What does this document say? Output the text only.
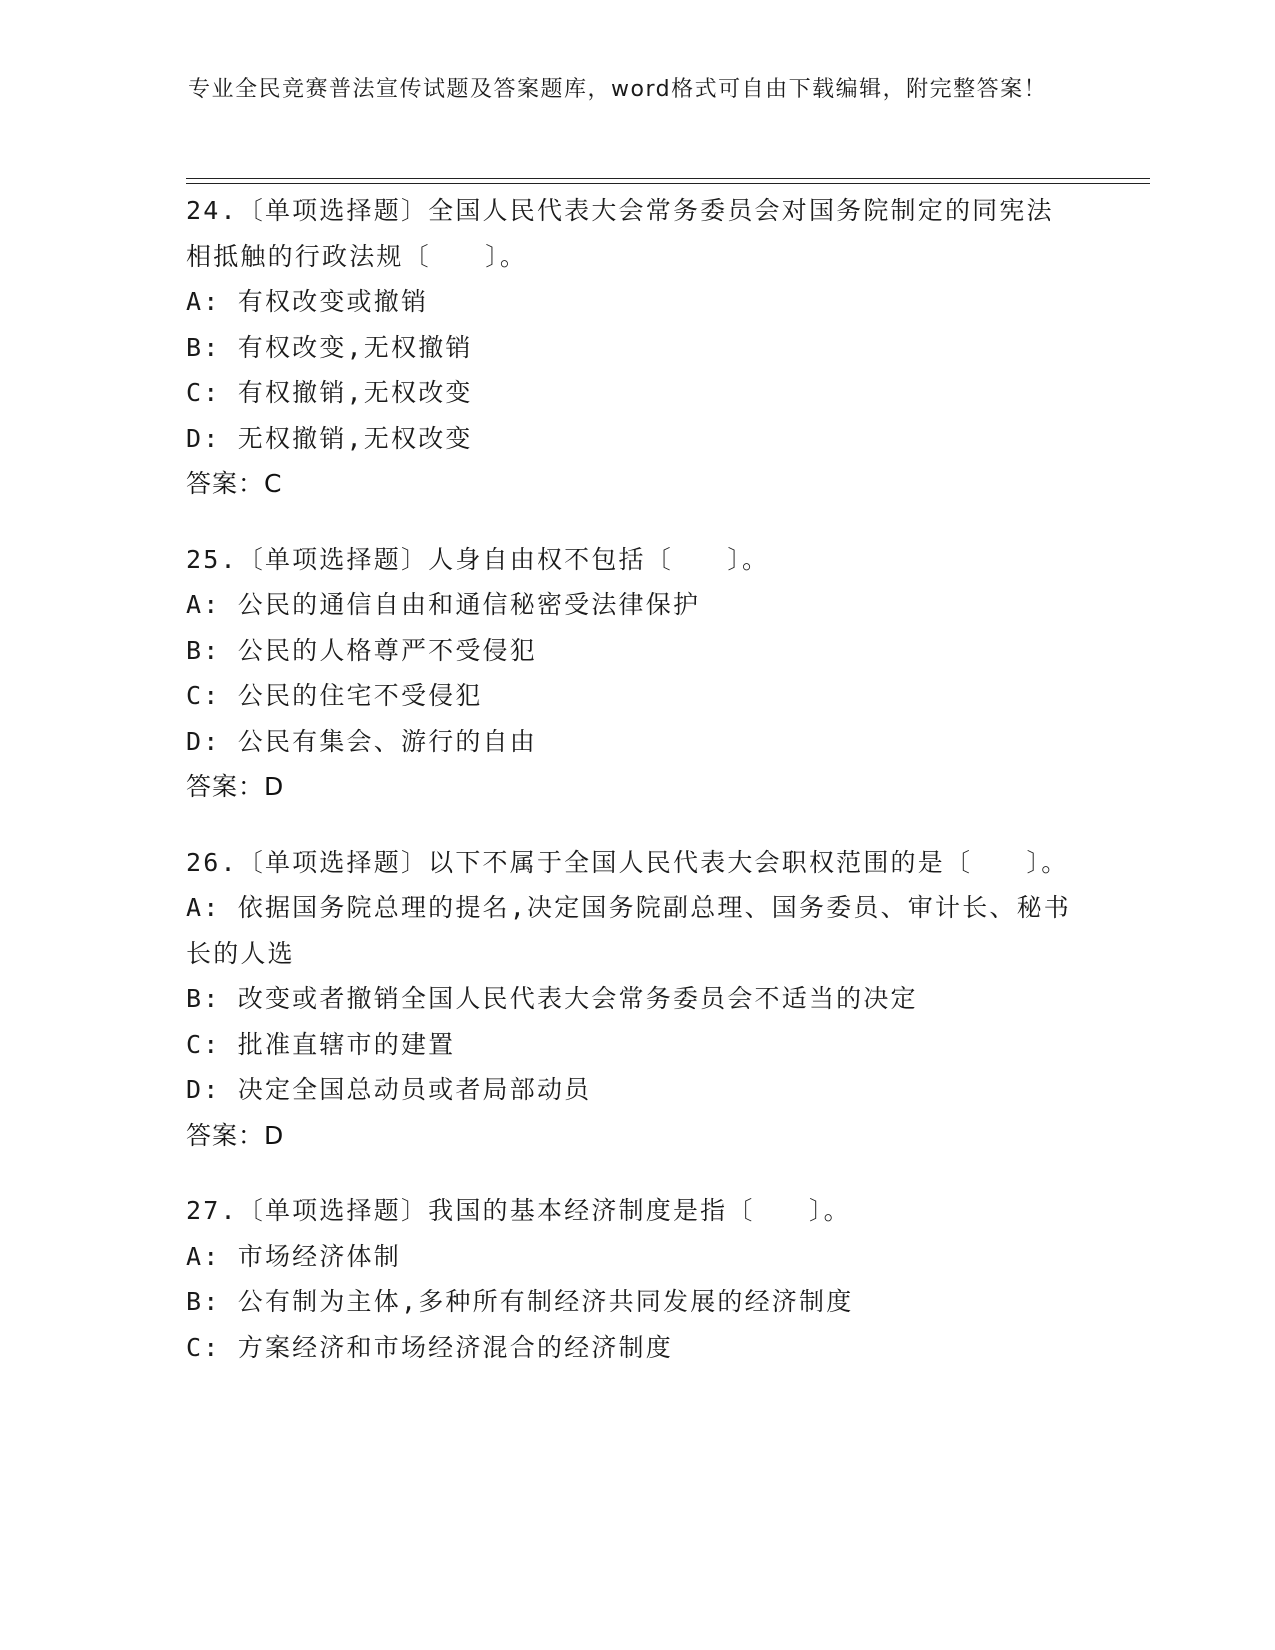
专业全民竞赛普法宣传试题及答案题库，word格式可自由下载编辑，附完整答案！
24.〔单项选择题〕全国人民代表大会常务委员会对国务院制定的同宪法相抵触的行政法规〔　　〕。
A: 有权改变或撤销
B: 有权改变,无权撤销
C: 有权撤销,无权改变
D: 无权撤销,无权改变
答案：C
25.〔单项选择题〕人身自由权不包括〔　　〕。
A: 公民的通信自由和通信秘密受法律保护
B: 公民的人格尊严不受侵犯
C: 公民的住宅不受侵犯
D: 公民有集会、游行的自由
答案：D
26.〔单项选择题〕以下不属于全国人民代表大会职权范围的是〔　　〕。
A: 依据国务院总理的提名,决定国务院副总理、国务委员、审计长、秘书长的人选
B: 改变或者撤销全国人民代表大会常务委员会不适当的决定
C: 批准直辖市的建置
D: 决定全国总动员或者局部动员
答案：D
27.〔单项选择题〕我国的基本经济制度是指〔　　〕。
A: 市场经济体制
B: 公有制为主体,多种所有制经济共同发展的经济制度
C: 方案经济和市场经济混合的经济制度
